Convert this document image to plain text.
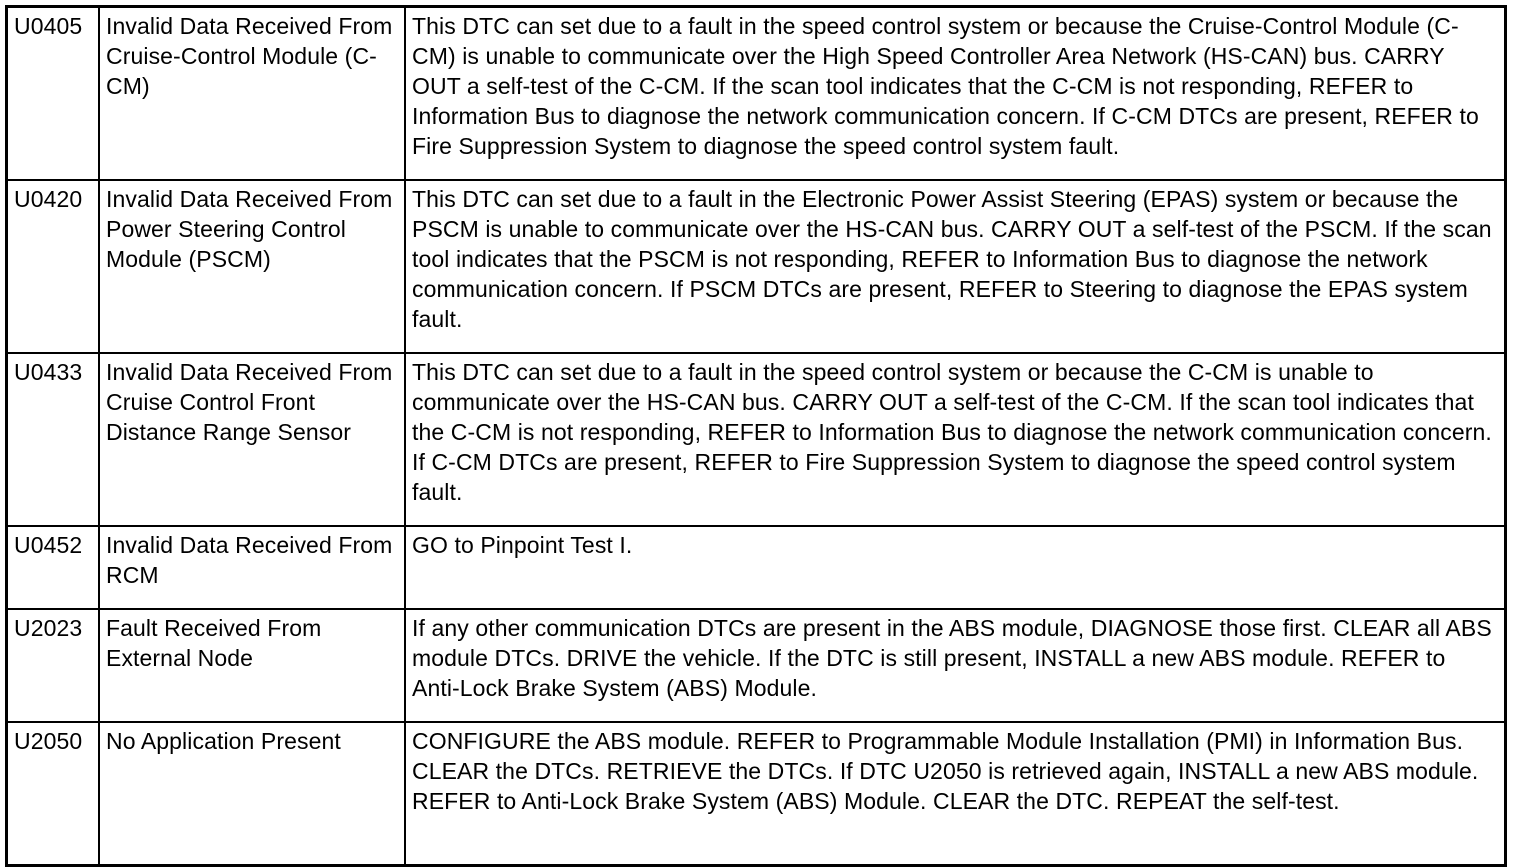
U0405	Invalid Data Received From Cruise-Control Module (C-CM)	This DTC can set due to a fault in the speed control system or because the Cruise-Control Module (C-CM) is unable to communicate over the High Speed Controller Area Network (HS-CAN) bus. CARRY OUT a self-test of the C-CM. If the scan tool indicates that the C-CM is not responding, REFER to Information Bus to diagnose the network communication concern. If C-CM DTCs are present, REFER to Fire Suppression System to diagnose the speed control system fault.
U0420	Invalid Data Received From Power Steering Control Module (PSCM)	This DTC can set due to a fault in the Electronic Power Assist Steering (EPAS) system or because the PSCM is unable to communicate over the HS-CAN bus. CARRY OUT a self-test of the PSCM. If the scan tool indicates that the PSCM is not responding, REFER to Information Bus to diagnose the network communication concern. If PSCM DTCs are present, REFER to Steering to diagnose the EPAS system fault.
U0433	Invalid Data Received From Cruise Control Front Distance Range Sensor	This DTC can set due to a fault in the speed control system or because the C-CM is unable to communicate over the HS-CAN bus. CARRY OUT a self-test of the C-CM. If the scan tool indicates that the C-CM is not responding, REFER to Information Bus to diagnose the network communication concern. If C-CM DTCs are present, REFER to Fire Suppression System to diagnose the speed control system fault.
U0452	Invalid Data Received From RCM	GO to Pinpoint Test I.
U2023	Fault Received From External Node	If any other communication DTCs are present in the ABS module, DIAGNOSE those first. CLEAR all ABS module DTCs. DRIVE the vehicle. If the DTC is still present, INSTALL a new ABS module. REFER to Anti-Lock Brake System (ABS) Module.
U2050	No Application Present	CONFIGURE the ABS module. REFER to Programmable Module Installation (PMI) in Information Bus. CLEAR the DTCs. RETRIEVE the DTCs. If DTC U2050 is retrieved again, INSTALL a new ABS module. REFER to Anti-Lock Brake System (ABS) Module. CLEAR the DTC. REPEAT the self-test.
